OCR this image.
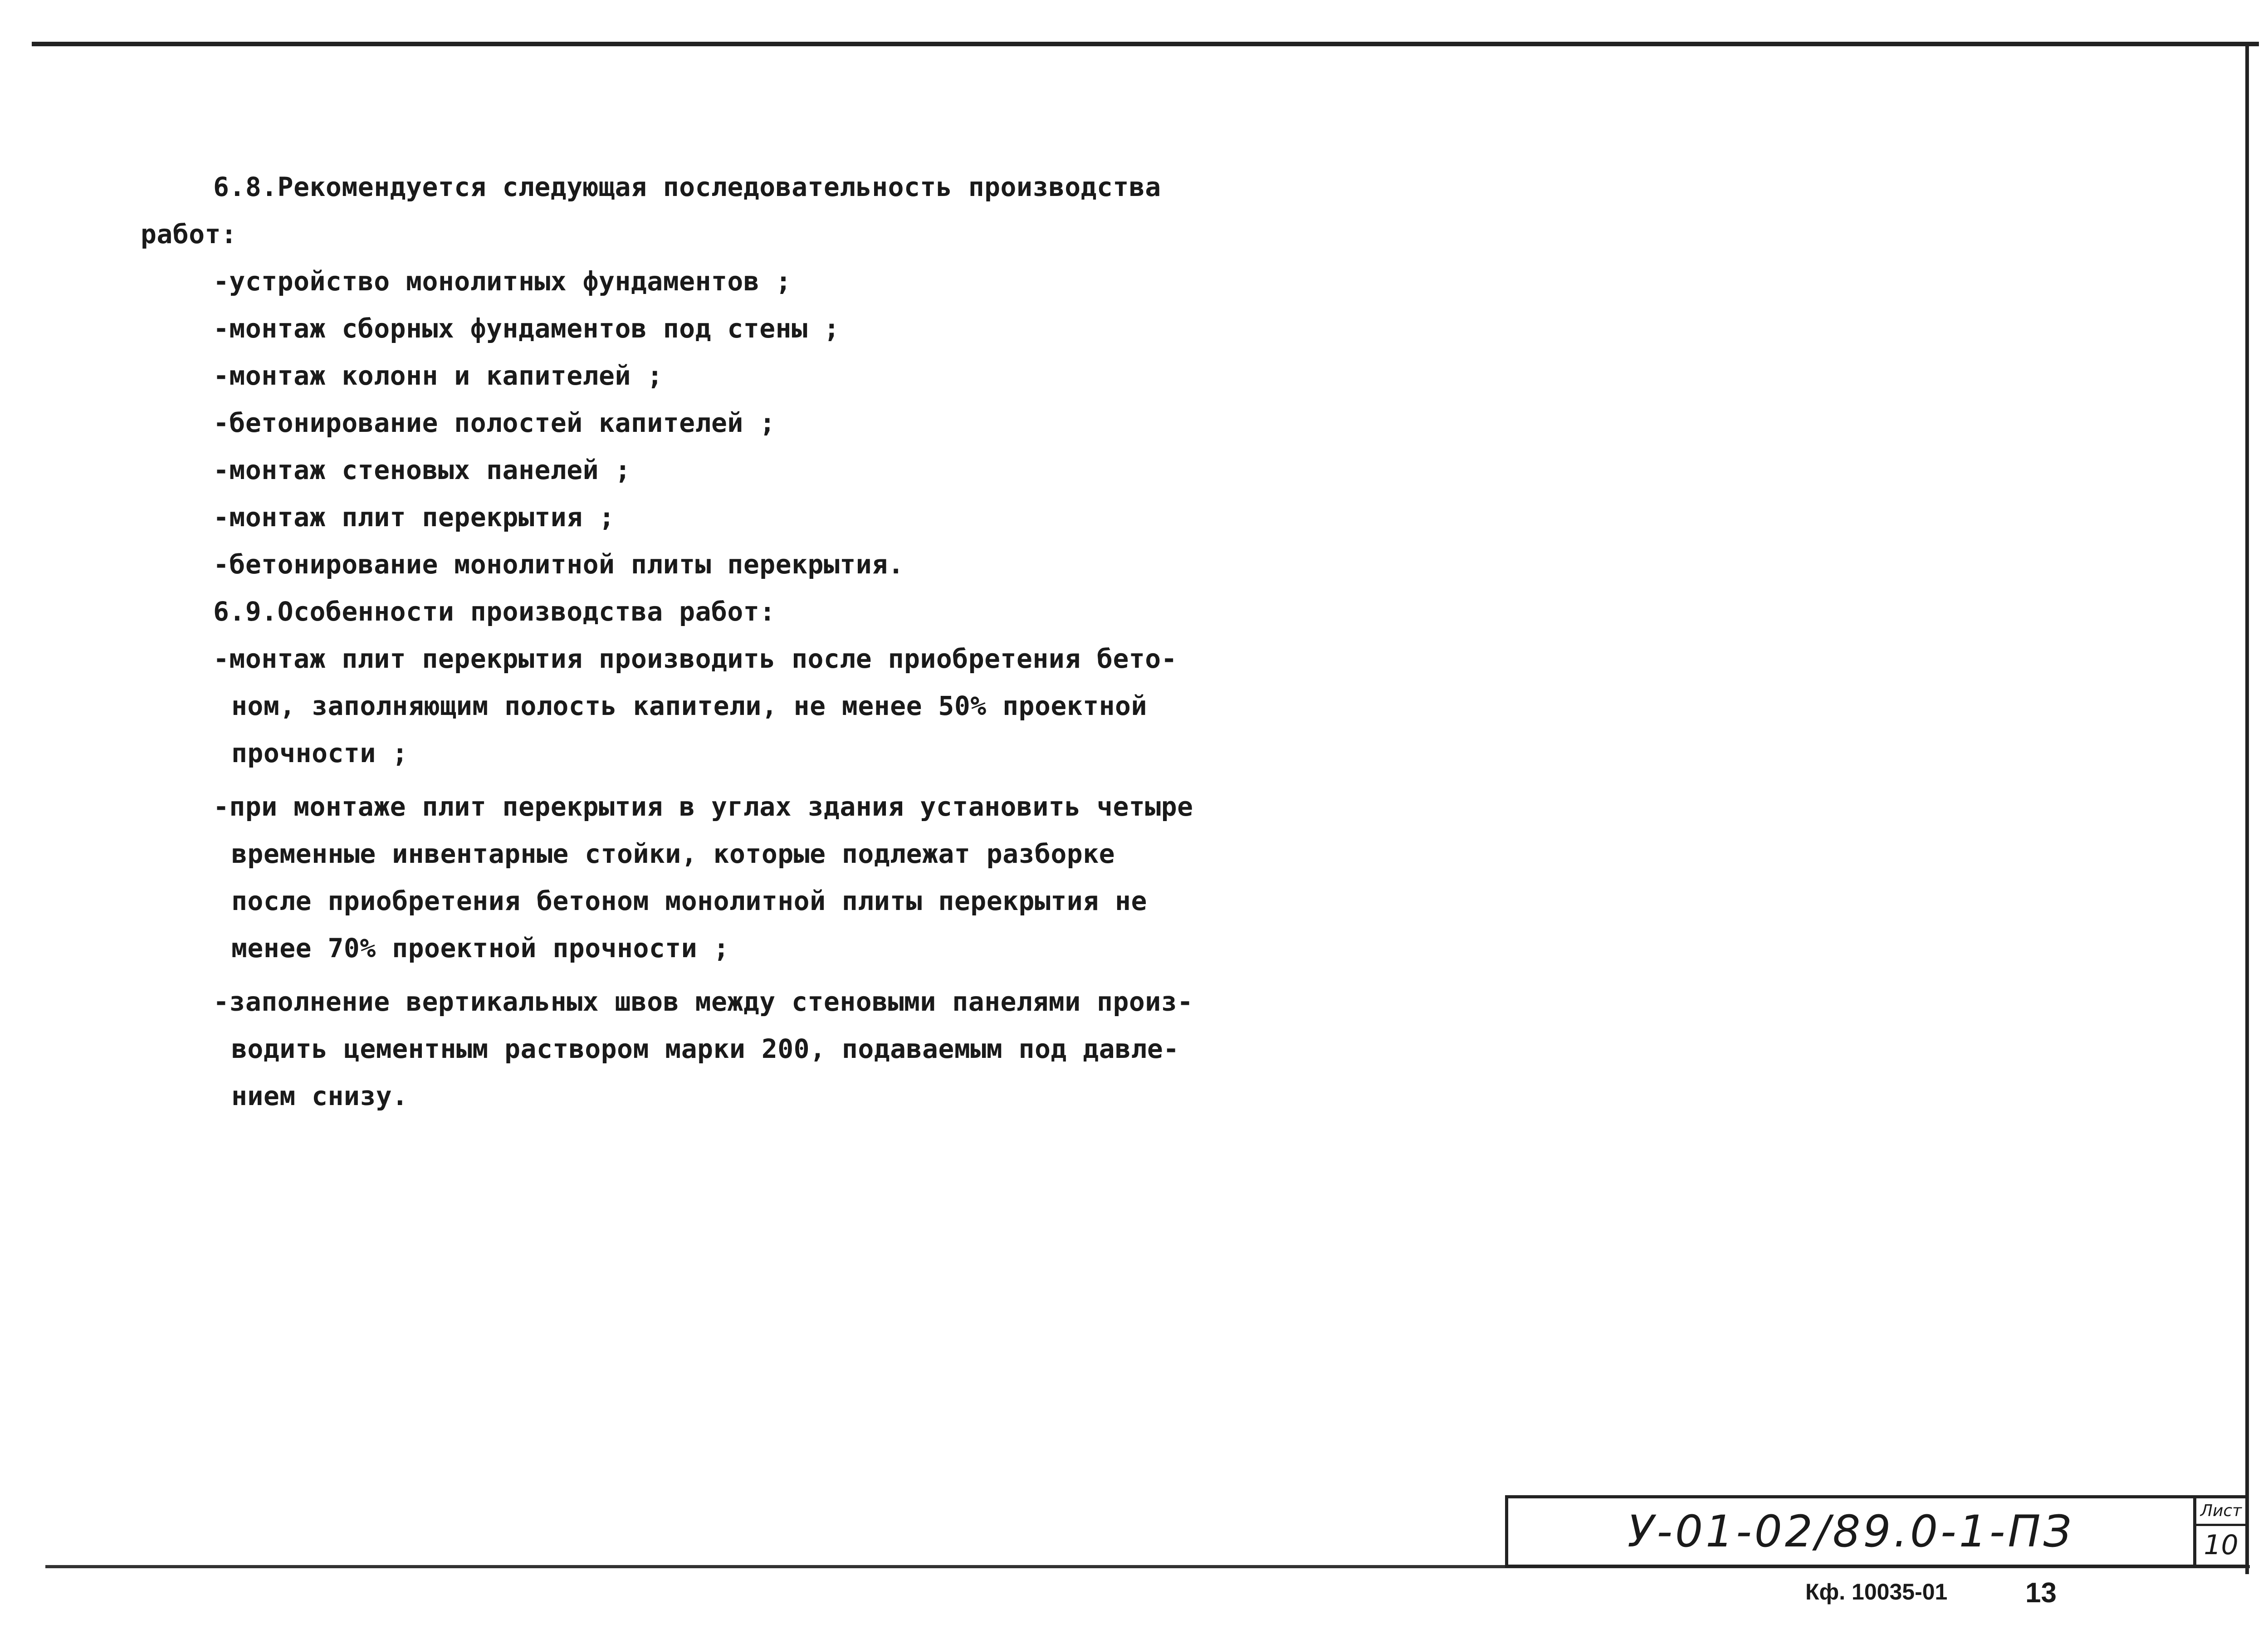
6.8.Рекомендуется следующая последовательность производства
работ:
-устройство монолитных фундаментов ;
-монтаж сборных фундаментов под стены ;
-монтаж колонн и капителей ;
-бетонирование полостей капителей ;
-монтаж стеновых панелей ;
-монтаж плит перекрытия ;
-бетонирование монолитной плиты перекрытия.
6.9.Особенности производства работ:
-монтаж плит перекрытия производить после приобретения бето-
ном, заполняющим полость капители, не менее 50% проектной
прочности ;
-при монтаже плит перекрытия в углах здания установить четыре
временные инвентарные стойки, которые подлежат разборке
после приобретения бетоном монолитной плиты перекрытия не
менее 70% проектной прочности ;
-заполнение вертикальных швов между стеновыми панелями произ-
водить цементным раствором марки 200, подаваемым под давле-
нием снизу.
У-01-02/89.0-1-ПЗ	Лист
10
Кф. 10035-01	13
